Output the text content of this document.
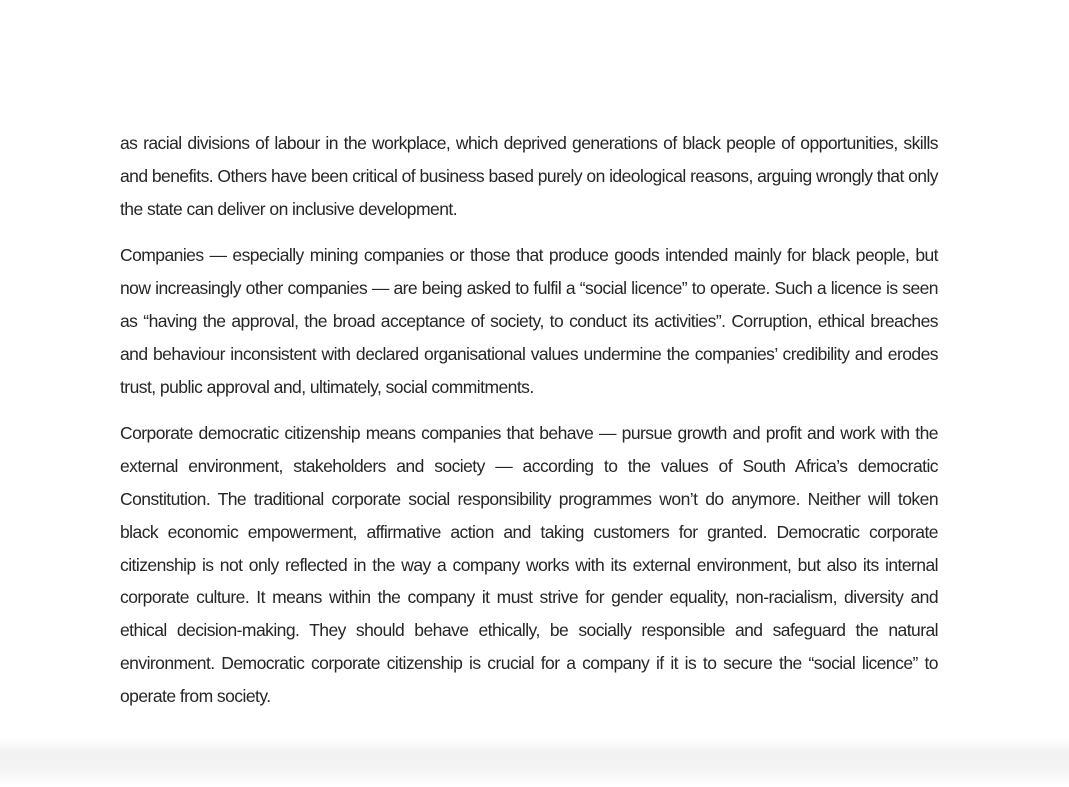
as racial divisions of labour in the workplace, which deprived generations of black people of opportunities, skills and benefits. Others have been critical of business based purely on ideological reasons, arguing wrongly that only the state can deliver on inclusive development.

Companies — especially mining companies or those that produce goods intended mainly for black people, but now increasingly other companies — are being asked to fulfil a “social licence” to operate. Such a licence is seen as “having the approval, the broad acceptance of society, to conduct its activities”. Corruption, ethical breaches and behaviour inconsistent with declared organisational values undermine the companies’ credibility and erodes trust, public approval and, ultimately, social commitments.

Corporate democratic citizenship means companies that behave — pursue growth and profit and work with the external environment, stakeholders and society — according to the values of South Africa’s democratic Constitution. The traditional corporate social responsibility programmes won’t do anymore. Neither will token black economic empowerment, affirmative action and taking customers for granted. Democratic corporate citizenship is not only reflected in the way a company works with its external environment, but also its internal corporate culture. It means within the company it must strive for gender equality, non-racialism, diversity and ethical decision-making. They should behave ethically, be socially responsible and safeguard the natural environment. Democratic corporate citizenship is crucial for a company if it is to secure the “social licence” to operate from society.
